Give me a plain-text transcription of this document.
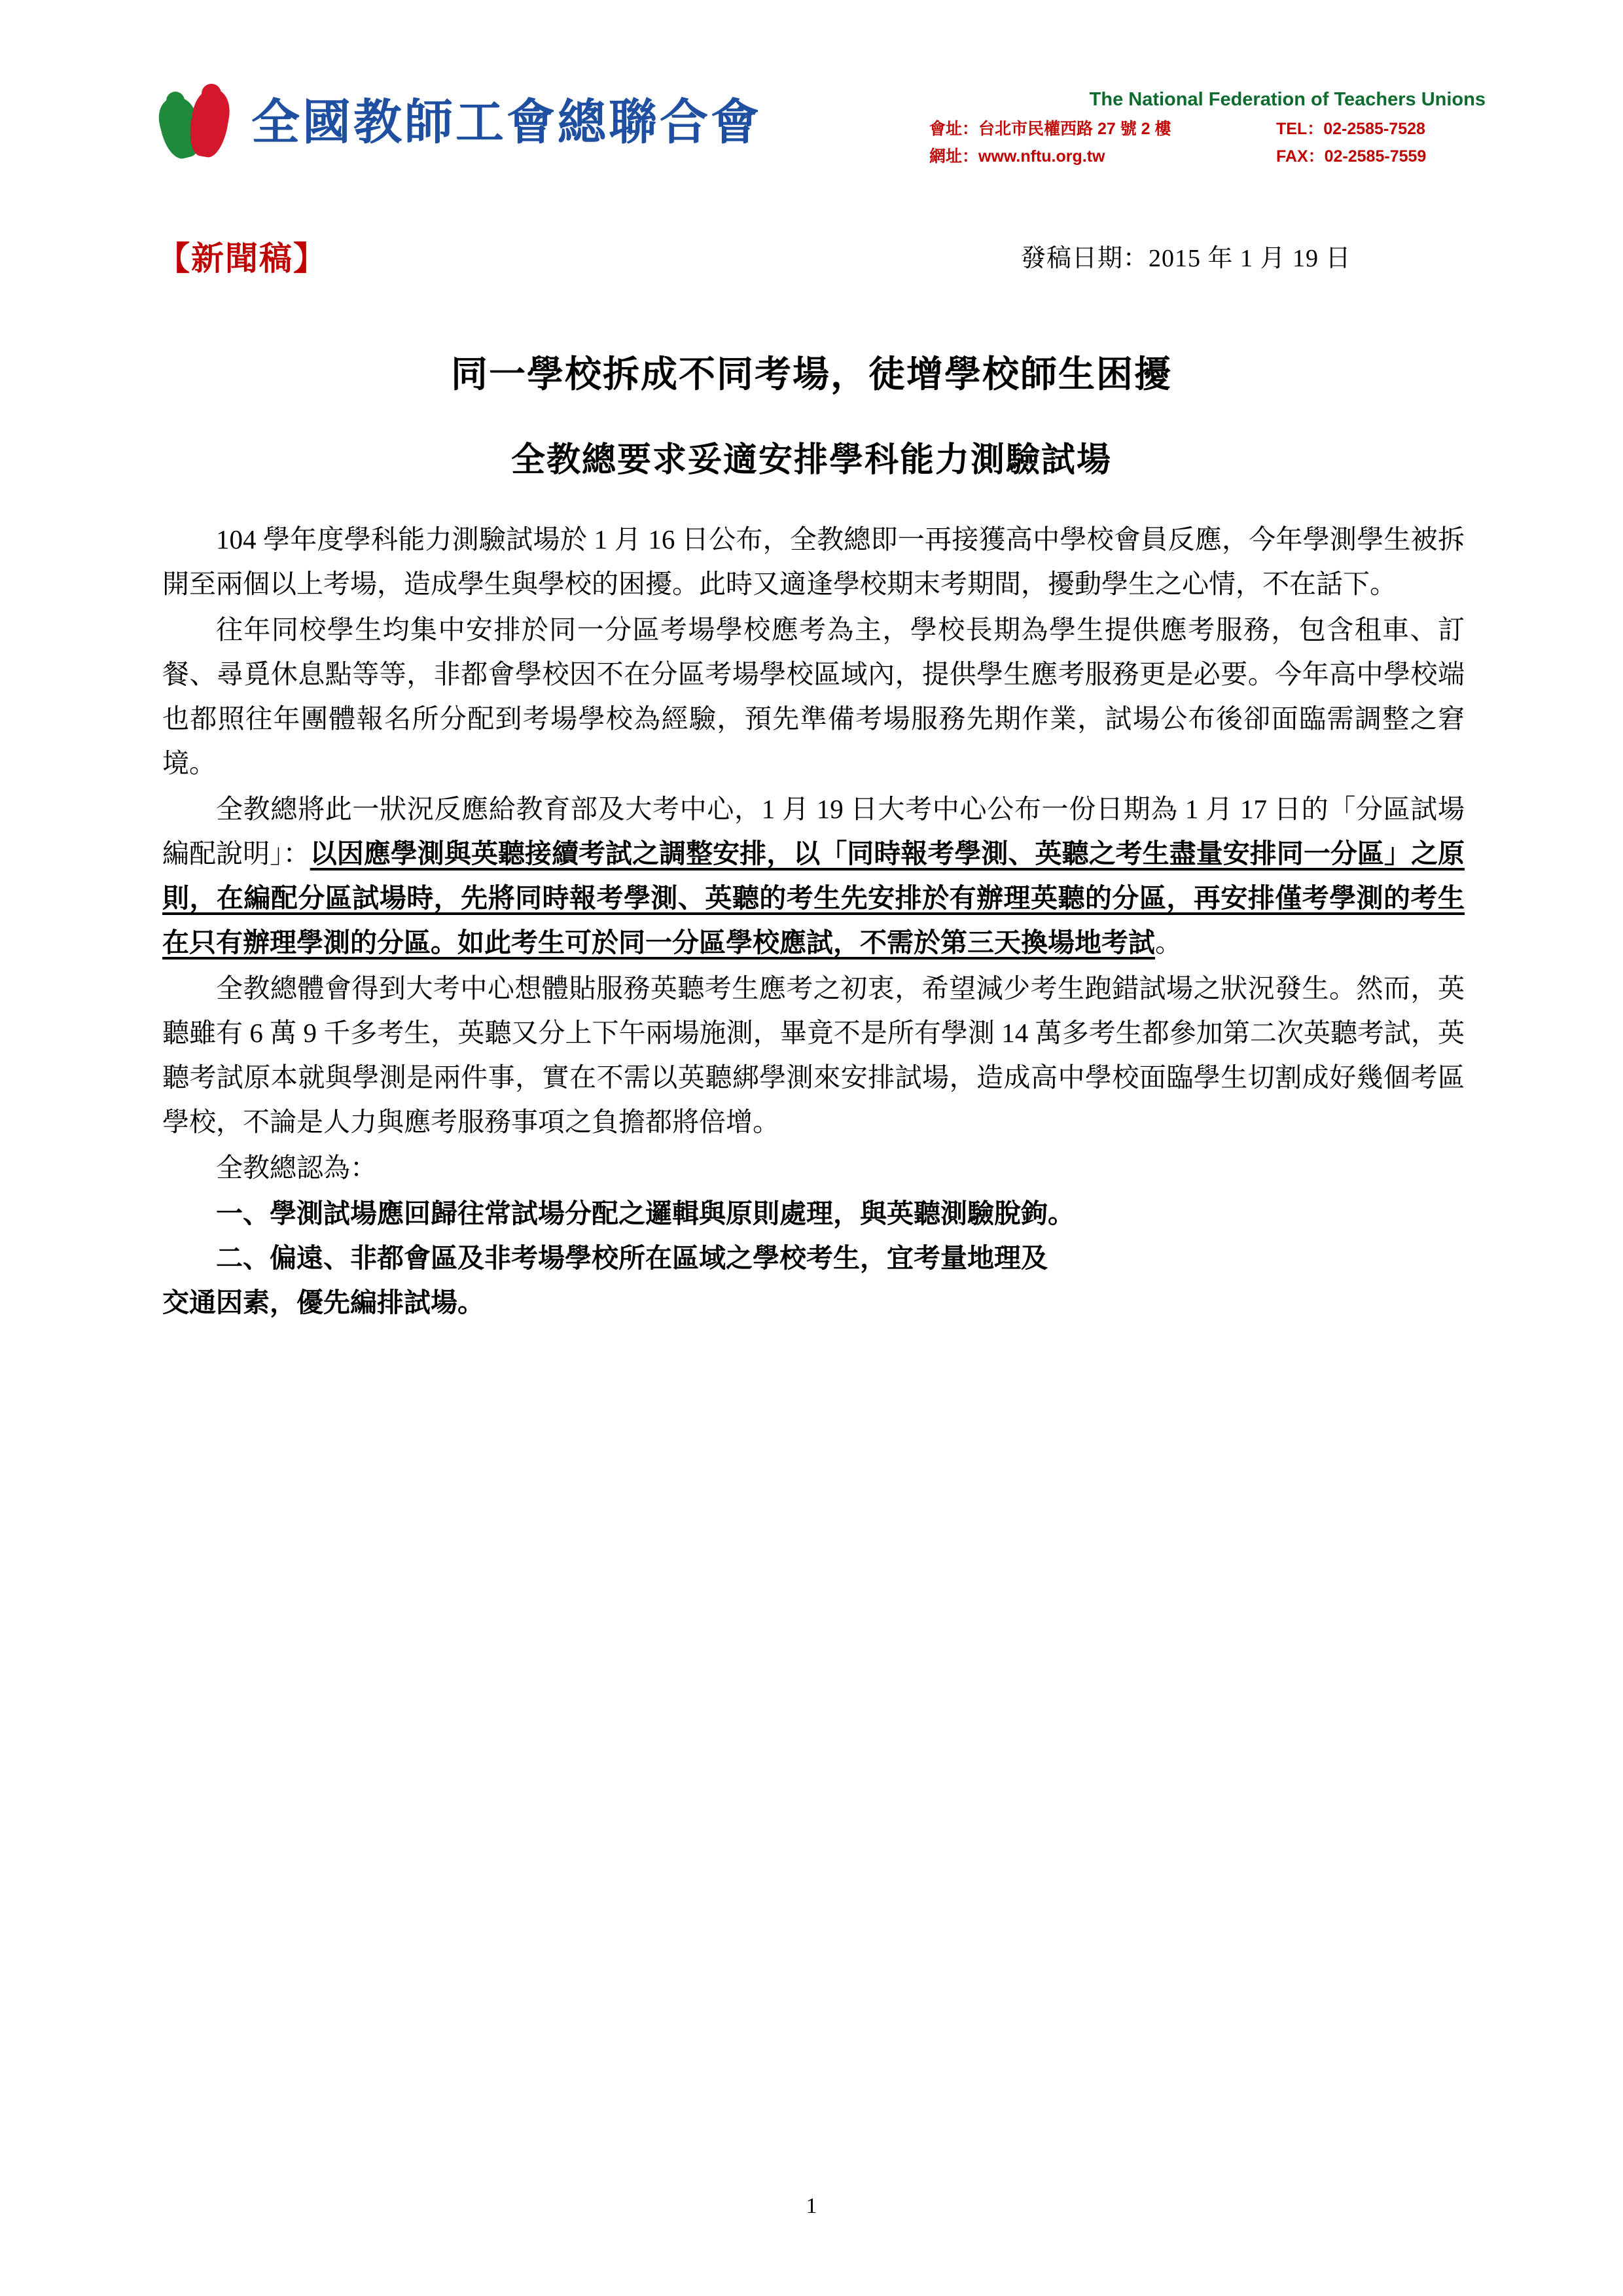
全國教師工會總聯合會	The National Federation of Teachers Unions
會址：台北市民權西路 27 號 2 樓	TEL：02-2585-7528
網址：www.nftu.org.tw	FAX：02-2585-7559
【新聞稿】	發稿日期：2015 年 1 月 19 日
同一學校拆成不同考場，徒增學校師生困擾
全教總要求妥適安排學科能力測驗試場

104 學年度學科能力測驗試場於 1 月 16 日公布，全教總即一再接獲高中學校會員反應，今年學測學生被拆開至兩個以上考場，造成學生與學校的困擾。此時又適逢學校期末考期間，擾動學生之心情，不在話下。

往年同校學生均集中安排於同一分區考場學校應考為主，學校長期為學生提供應考服務，包含租車、訂餐、尋覓休息點等等，非都會學校因不在分區考場學校區域內，提供學生應考服務更是必要。今年高中學校端也都照往年團體報名所分配到考場學校為經驗，預先準備考場服務先期作業，試場公布後卻面臨需調整之窘境。

全教總將此一狀況反應給教育部及大考中心，1 月 19 日大考中心公布一份日期為 1 月 17 日的「分區試場編配說明」：以因應學測與英聽接續考試之調整安排，以「同時報考學測、英聽之考生盡量安排同一分區」之原則，在編配分區試場時，先將同時報考學測、英聽的考生先安排於有辦理英聽的分區，再安排僅考學測的考生在只有辦理學測的分區。如此考生可於同一分區學校應試，不需於第三天換場地考試。

全教總體會得到大考中心想體貼服務英聽考生應考之初衷，希望減少考生跑錯試場之狀況發生。然而，英聽雖有 6 萬 9 千多考生，英聽又分上下午兩場施測，畢竟不是所有學測 14 萬多考生都參加第二次英聽考試，英聽考試原本就與學測是兩件事，實在不需以英聽綁學測來安排試場，造成高中學校面臨學生切割成好幾個考區學校，不論是人力與應考服務事項之負擔都將倍增。

全教總認為：

一、學測試場應回歸往常試場分配之邏輯與原則處理，與英聽測驗脫鉤。

二、偏遠、非都會區及非考場學校所在區域之學校考生，宜考量地理及

交通因素，優先編排試場。

1
